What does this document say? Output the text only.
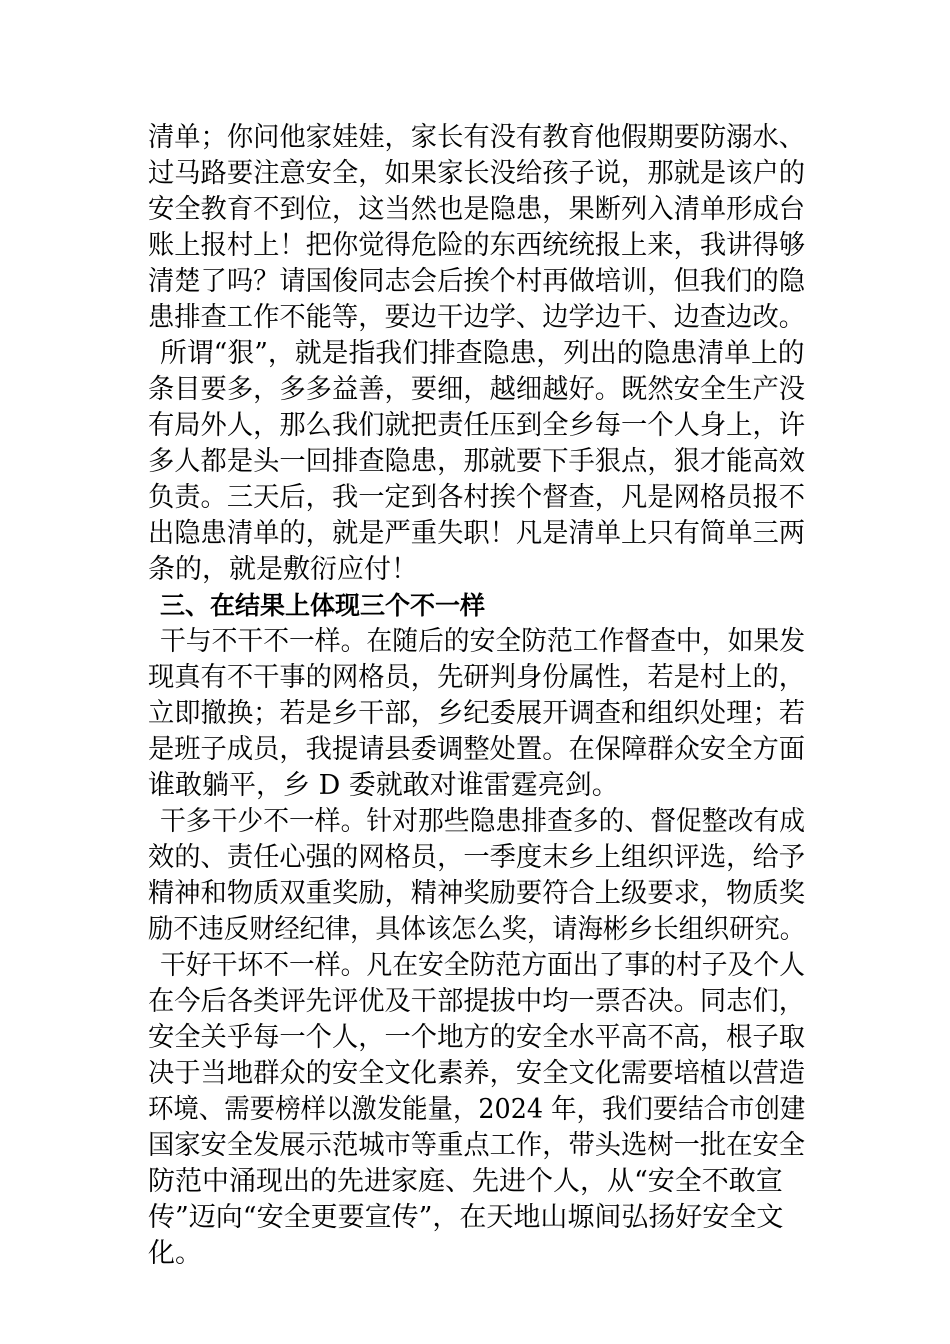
清单；你问他家娃娃，家长有没有教育他假期要防溺水、
过马路要注意安全，如果家长没给孩子说，那就是该户的
安全教育不到位，这当然也是隐患，果断列入清单形成台
账上报村上！把你觉得危险的东西统统报上来，我讲得够
清楚了吗？请国俊同志会后挨个村再做培训，但我们的隐
患排查工作不能等，要边干边学、边学边干、边查边改。
所谓“狠”，就是指我们排查隐患，列出的隐患清单上的
条目要多，多多益善，要细，越细越好。既然安全生产没
有局外人，那么我们就把责任压到全乡每一个人身上，许
多人都是头一回排查隐患，那就要下手狠点，狠才能高效
负责。三天后，我一定到各村挨个督查，凡是网格员报不
出隐患清单的，就是严重失职！凡是清单上只有简单三两
条的，就是敷衍应付！
三、在结果上体现三个不一样
干与不干不一样。在随后的安全防范工作督查中，如果发
现真有不干事的网格员，先研判身份属性，若是村上的，
立即撤换；若是乡干部，乡纪委展开调查和组织处理；若
是班子成员，我提请县委调整处置。在保障群众安全方面
谁敢躺平，乡 D 委就敢对谁雷霆亮剑。
干多干少不一样。针对那些隐患排查多的、督促整改有成
效的、责任心强的网格员，一季度末乡上组织评选，给予
精神和物质双重奖励，精神奖励要符合上级要求，物质奖
励不违反财经纪律，具体该怎么奖，请海彬乡长组织研究。
干好干坏不一样。凡在安全防范方面出了事的村子及个人
在今后各类评先评优及干部提拔中均一票否决。同志们，
安全关乎每一个人，一个地方的安全水平高不高，根子取
决于当地群众的安全文化素养，安全文化需要培植以营造
环境、需要榜样以激发能量，2024 年，我们要结合市创建
国家安全发展示范城市等重点工作，带头选树一批在安全
防范中涌现出的先进家庭、先进个人，从“安全不敢宣
传”迈向“安全更要宣传”，在天地山塬间弘扬好安全文
化。
